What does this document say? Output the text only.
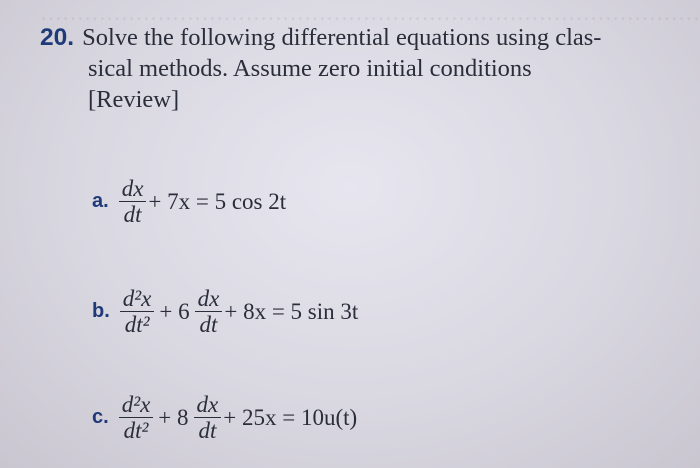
………………………………………………………………………………
20. Solve the following differential equations using clas-
sical methods. Assume zero initial conditions
[Review]
a. $\frac{dx}{dt} + 7x = 5$ cos 2t
b. $\frac{\text{d²x}}{\text{dt²}} + 6 \frac{dx}{dt} + 8x = 5$ sin 3t
c. $\frac{\text{d²x}}{\text{dt²}} + 8 \frac{dx}{dt} + 25x = 10u(t)$
